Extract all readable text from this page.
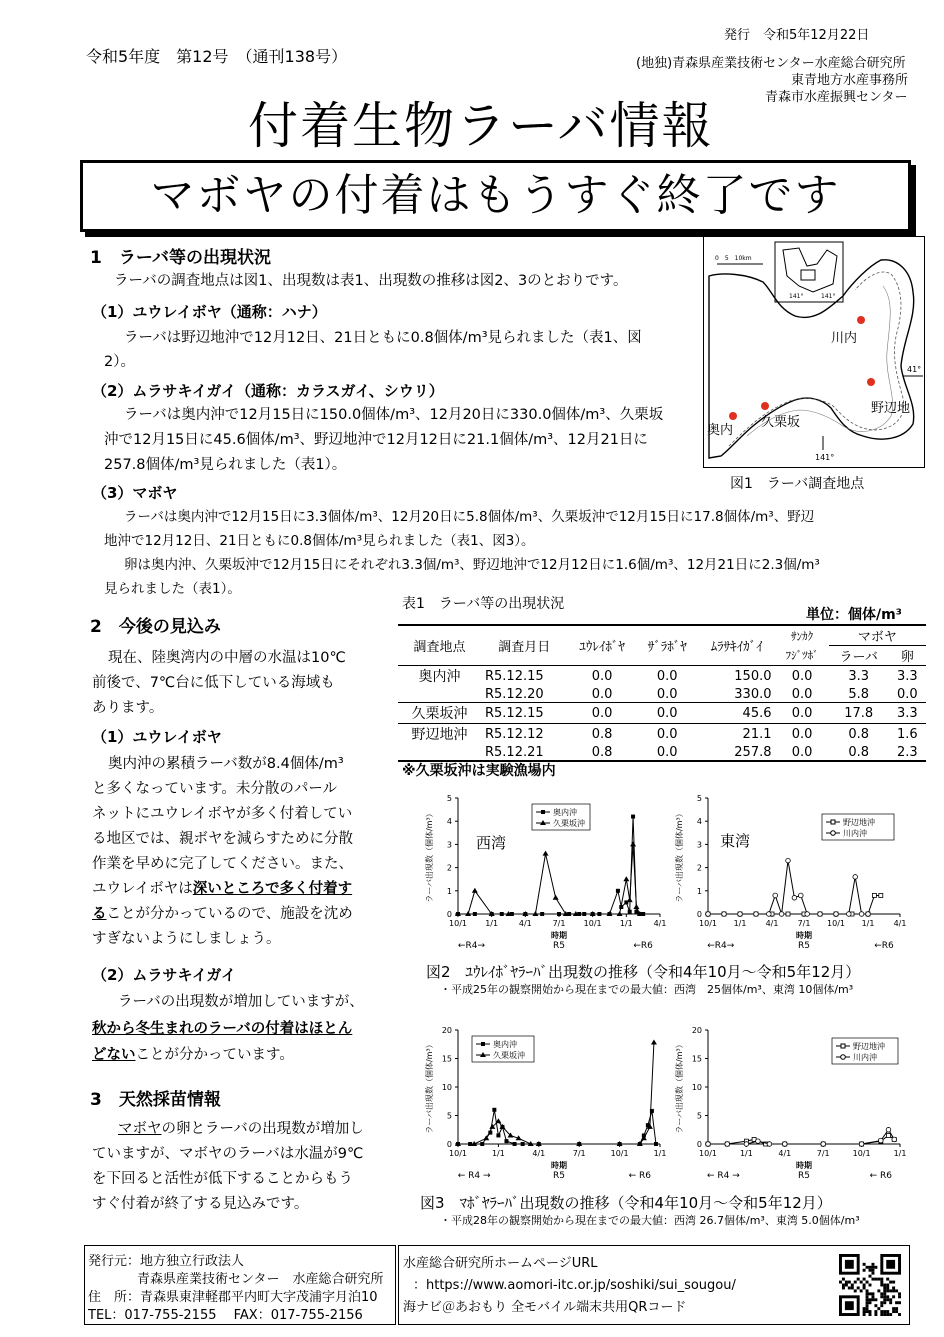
令和5年度　第12号　（通刊138号）
発行　令和5年12月22日
(地独)青森県産業技術センター水産総合研究所
東青地方水産事務所
青森市水産振興センター
付着生物ラーバ情報
マボヤの付着はもうすぐ終了です
1　ラーバ等の出現状況
ラーバの調査地点は図1、出現数は表1、出現数の推移は図2、3のとおりです。
（1）ユウレイボヤ（通称：ハナ）
ラーバは野辺地沖で12月12日、21日ともに0.8個体/m³見られました（表1、図
2）。
（2）ムラサキイガイ（通称：カラスガイ、シウリ）
ラーバは奥内沖で12月15日に150.0個体/m³、12月20日に330.0個体/m³、久栗坂
沖で12月15日に45.6個体/m³、野辺地沖で12月12日に21.1個体/m³、12月21日に
257.8個体/m³見られました（表1）。
（3）マボヤ
ラーバは奥内沖で12月15日に3.3個体/m³、12月20日に5.8個体/m³、久栗坂沖で12月15日に17.8個体/m³、野辺
地沖で12月12日、21日ともに0.8個体/m³見られました（表1、図3）。
卵は奥内沖、久栗坂沖で12月15日にそれぞれ3.3個/m³、野辺地沖で12月12日に1.6個/m³、12月21日に2.3個/m³
見られました（表1）。
141°	141°
0　5　10km
41°
141°
川内
野辺地
久栗坂
奥内
図1　ラーバ調査地点
2　今後の見込み
現在、陸奥湾内の中層の水温は10℃
前後で、7℃台に低下している海域も
あります。
（1）ユウレイボヤ
奥内沖の累積ラーバ数が8.4個体/m³
と多くなっています。未分散のパール
ネットにユウレイボヤが多く付着してい
る地区では、親ボヤを減らすために分散
作業を早めに完了してください。また、
ユウレイボヤは深いところで多く付着す
ることが分かっているので、施設を沈め
すぎないようにしましょう。
（2）ムラサキイガイ
ラーバの出現数が増加していますが、
秋から冬生まれのラーバの付着はほとん
どないことが分かっています。
3　天然採苗情報
マボヤの卵とラーバの出現数が増加し
ていますが、マボヤのラーバは水温が9℃
を下回ると活性が低下することからもう
すぐ付着が終了する見込みです。
表1　ラーバ等の出現状況
単位：個体/m³
調査地点	調査月日	ﾕｳﾚｲﾎﾞﾔ	ｻﾞﾗﾎﾞﾔ	ﾑﾗｻｷｲｶﾞｲ	ｻﾝｶｸ	マボヤ	
					ﾌｼﾞﾂﾎﾞ	ラーバ	卵
奥内沖	R5.12.15	0.0	0.0	150.0	0.0	3.3	3.3
	R5.12.20	0.0	0.0	330.0	0.0	5.8	0.0
久栗坂沖	R5.12.15	0.0	0.0	45.6	0.0	17.8	3.3
野辺地沖	R5.12.12	0.8	0.0	21.1	0.0	0.8	1.6
	R5.12.21	0.8	0.0	257.8	0.0	0.8	2.3
※久栗坂沖は実験漁場内
0
1
2
3
4
5
10/1 1/1	4/1	7/1 10/1 1/1	4/1
←R4→	R5	←R6
時期
ラーバ出現数（個体/m³）	奥内沖
久栗坂沖
西湾
0
1
2
3
4
5
10/1 1/1 4/1 7/1 10/1 1/1 4/1
←R4→	R5	←R6
時期
ラーバ出現数（個体/m³）	野辺地沖
川内沖
東湾
図2　ﾕｳﾚｲﾎﾞﾔﾗｰﾊﾞ出現数の推移（令和4年10月～令和5年12月）
・平成25年の観察開始から現在までの最大値：西湾　25個体/m³、東湾 10個体/m³
0
5
10
15
20
10/1	1/1	4/1	7/1	10/1	1/1
← R4 →	R5	← R6
時期
ラーバ出現数（個体/m³）	奥内沖
久栗坂沖
0
5
10
15
20
10/1	1/1	4/1	7/1	10/1	1/1
← R4 →	R5	← R6
時期
ラーバ出現数（個体/m³）	野辺地沖
川内沖
図3　ﾏﾎﾞﾔﾗｰﾊﾞ出現数の推移（令和4年10月～令和5年12月）
・平成28年の観察開始から現在までの最大値：西湾 26.7個体/m³、東湾 5.0個体/m³
発行元：地方独立行政法人
青森県産業技術センター　水産総合研究所
住　所：青森県東津軽郡平内町大字茂浦字月泊10
TEL：017-755-2155　 FAX：017-755-2156
水産総合研究所ホームページURL
：https://www.aomori-itc.or.jp/soshiki/sui_sougou/
海ナビ＠あおもり 全モバイル端末共用QRコード
